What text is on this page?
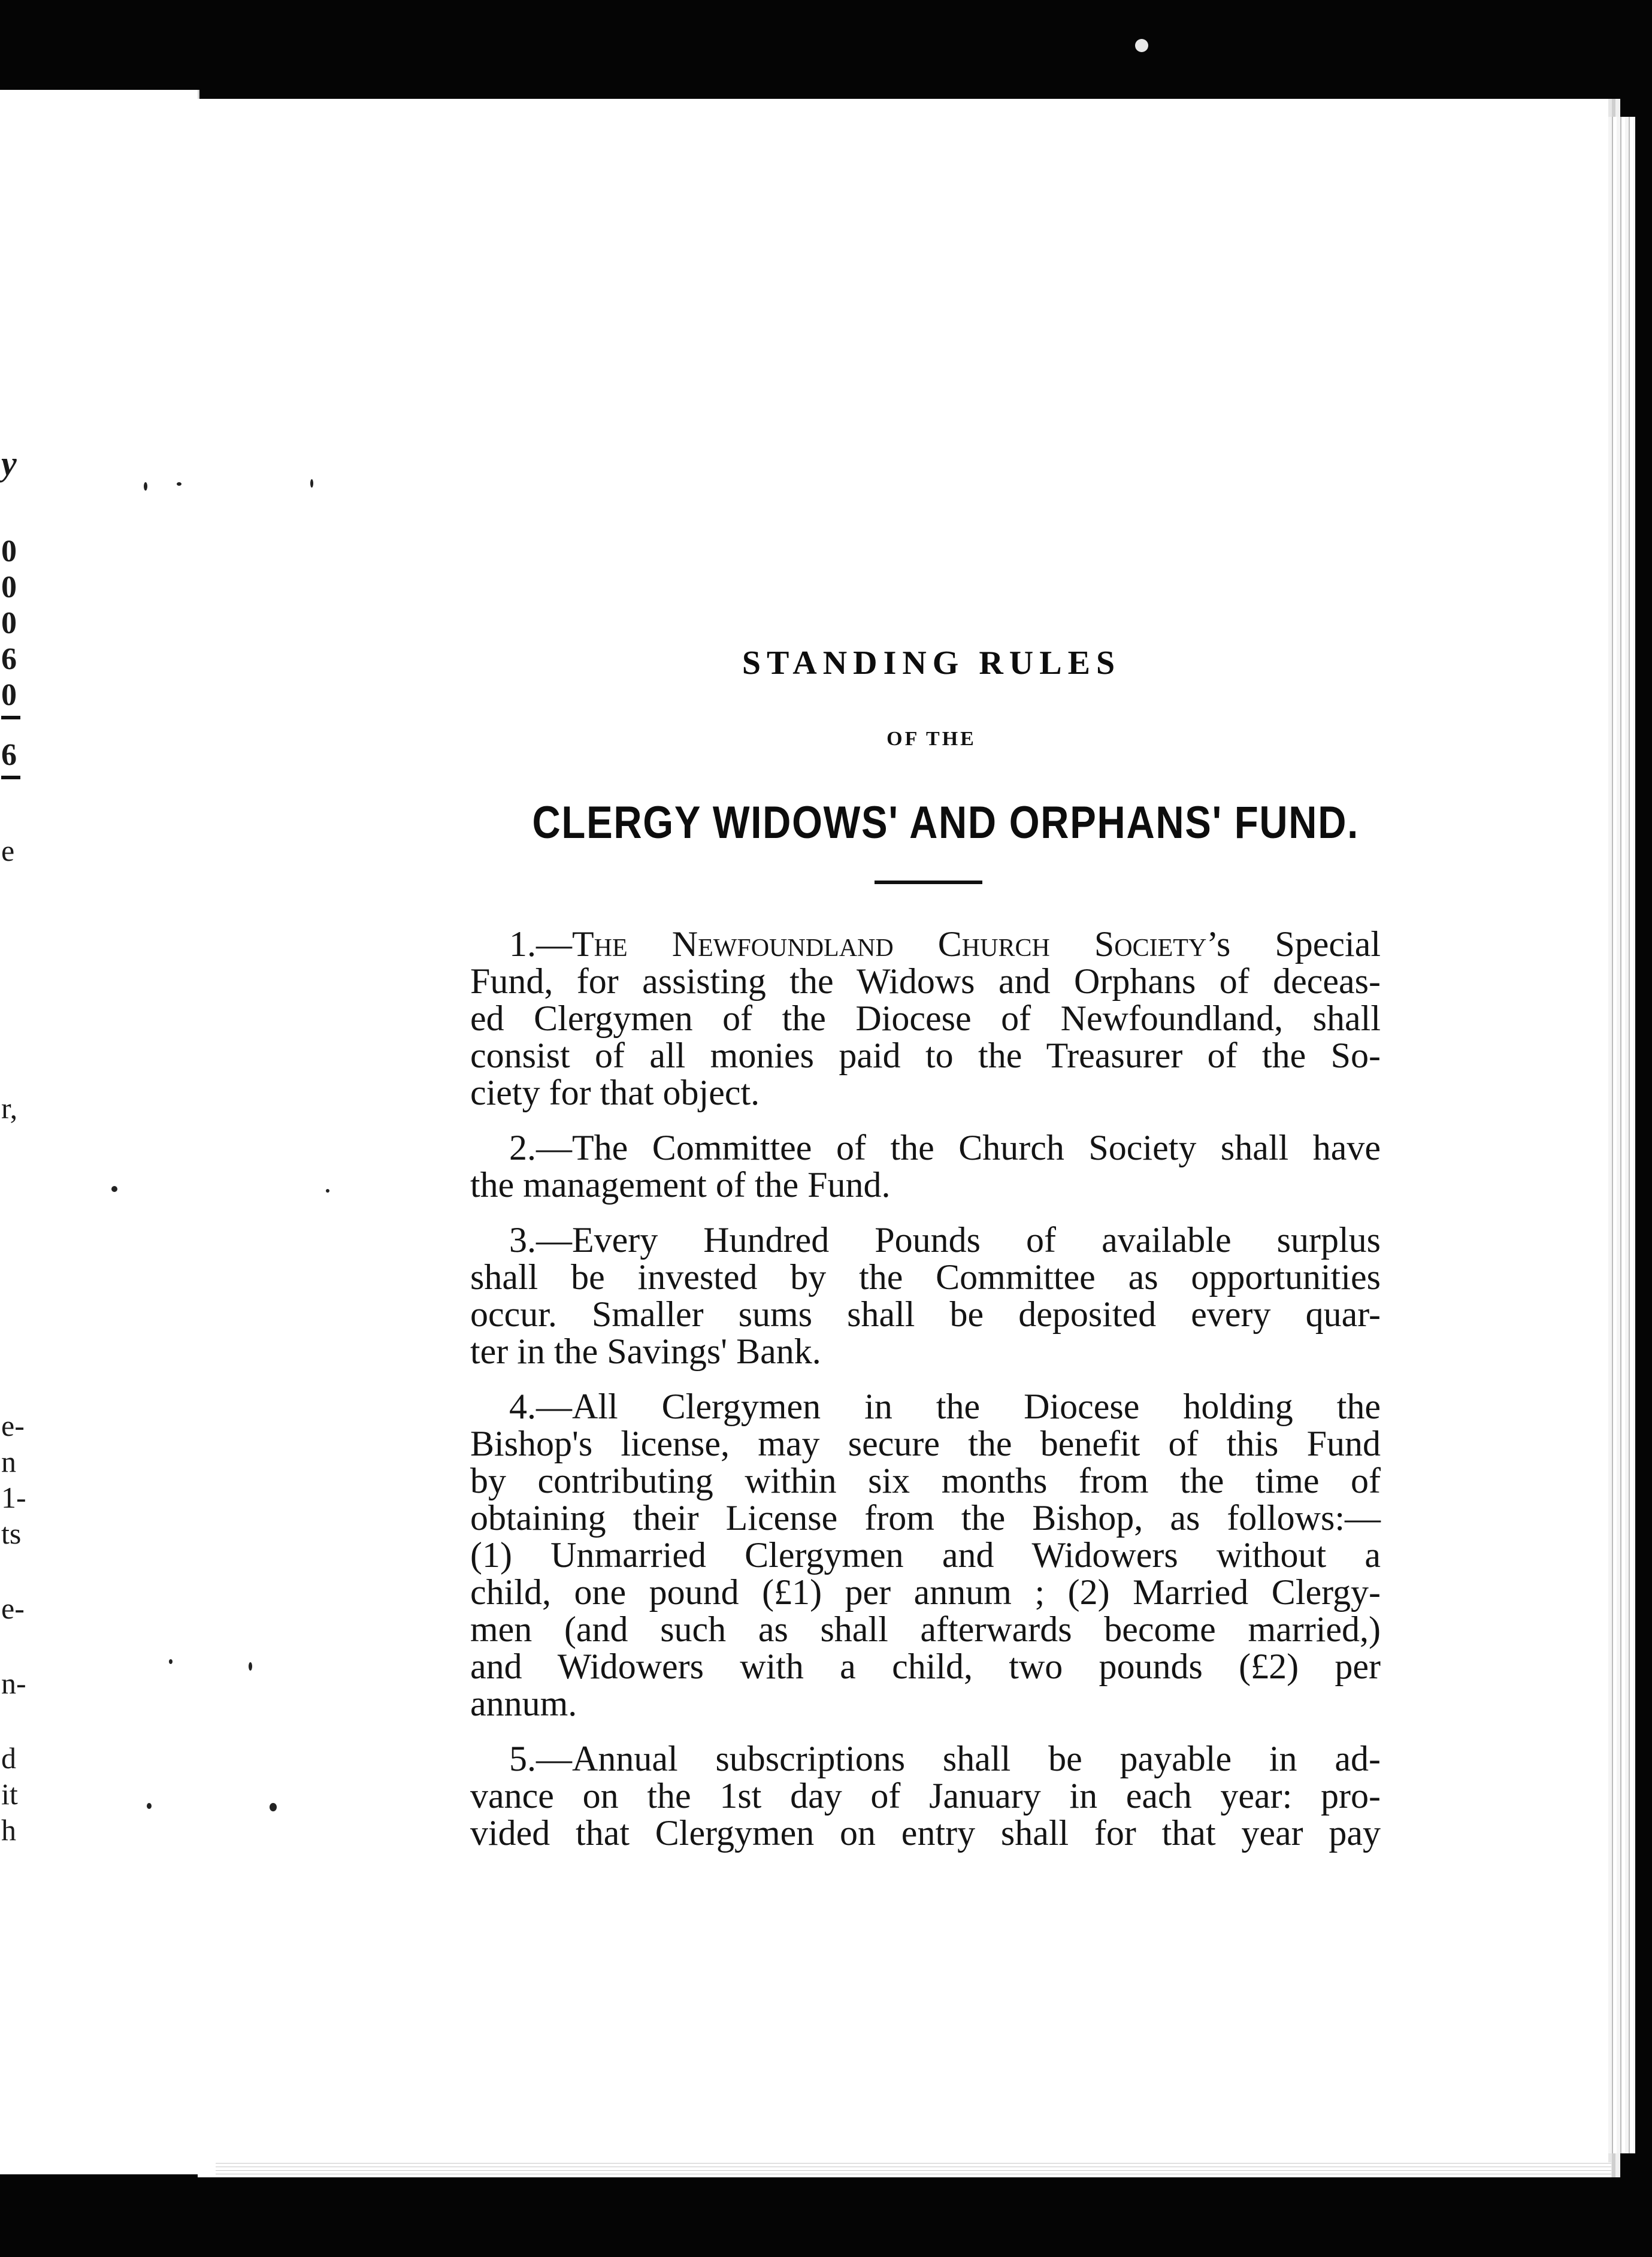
y
0
0
0
6
0
6
e
r,
e-
n
1-
ts
e-
n-
d
it
h
STANDING RULES
OF THE
CLERGY WIDOWS' AND ORPHANS' FUND.
1.—The Newfoundland Church Society’s Special
Fund, for assisting the Widows and Orphans of deceas-
ed Clergymen of the Diocese of Newfoundland, shall
consist of all monies paid to the Treasurer of the So-
ciety for that object.
2.—The Committee of the Church Society shall have
the management of the Fund.
3.—Every Hundred Pounds of available surplus
shall be invested by the Committee as opportunities
occur. Smaller sums shall be deposited every quar-
ter in the Savings' Bank.
4.—All Clergymen in the Diocese holding the
Bishop's license, may secure the benefit of this Fund
by contributing within six months from the time of
obtaining their License from the Bishop, as follows:—
(1) Unmarried Clergymen and Widowers without a
child, one pound (£1) per annum ; (2) Married Clergy-
men (and such as shall afterwards become married,)
and Widowers with a child, two pounds (£2) per
annum.
5.—Annual subscriptions shall be payable in ad-
vance on the 1st day of January in each year: pro-
vided that Clergymen on entry shall for that year pay
